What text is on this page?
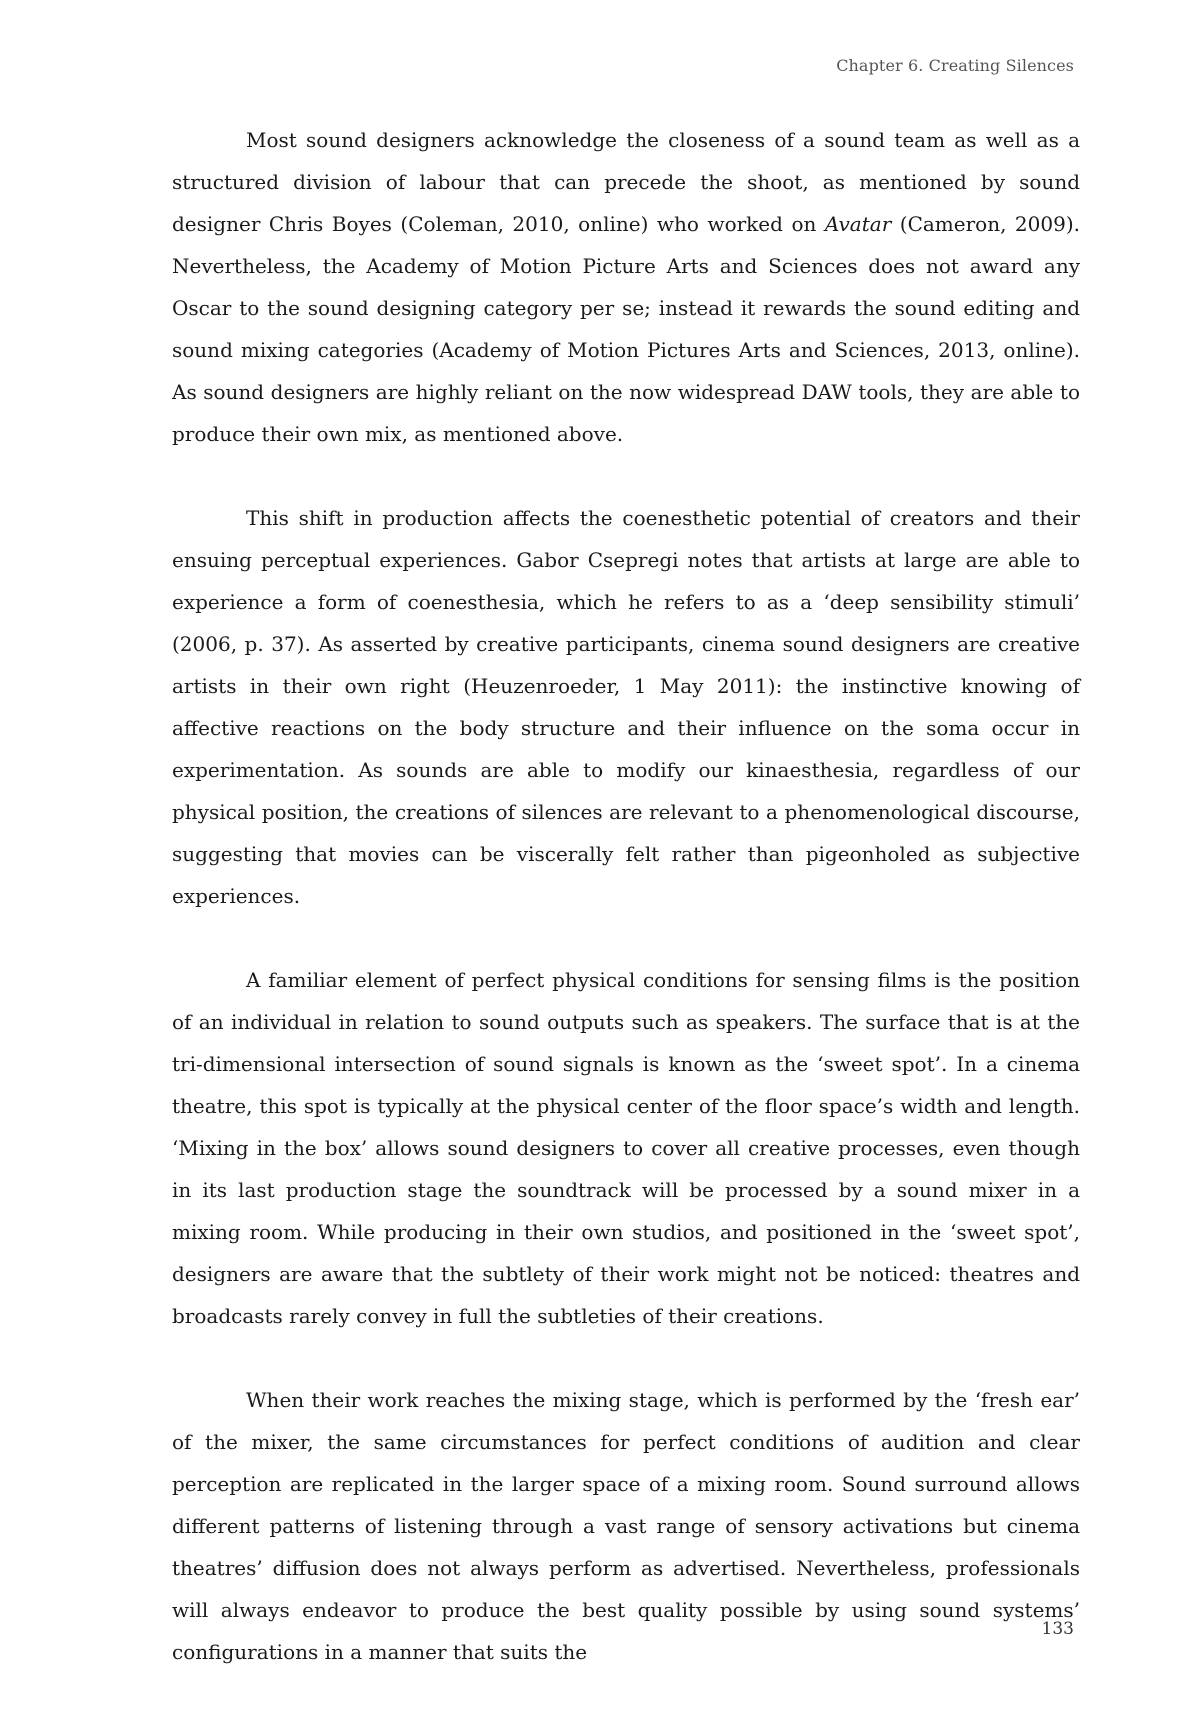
Chapter 6. Creating Silences

Most sound designers acknowledge the closeness of a sound team as well as a structured division of labour that can precede the shoot, as mentioned by sound designer Chris Boyes (Coleman, 2010, online) who worked on Avatar (Cameron, 2009). Nevertheless, the Academy of Motion Picture Arts and Sciences does not award any Oscar to the sound designing category per se; instead it rewards the sound editing and sound mixing categories (Academy of Motion Pictures Arts and Sciences, 2013, online). As sound designers are highly reliant on the now widespread DAW tools, they are able to produce their own mix, as mentioned above.

This shift in production affects the coenesthetic potential of creators and their ensuing perceptual experiences. Gabor Csepregi notes that artists at large are able to experience a form of coenesthesia, which he refers to as a ‘deep sensibility stimuli’ (2006, p. 37). As asserted by creative participants, cinema sound designers are creative artists in their own right (Heuzenroeder, 1 May 2011): the instinctive knowing of affective reactions on the body structure and their influence on the soma occur in experimentation. As sounds are able to modify our kinaesthesia, regardless of our physical position, the creations of silences are relevant to a phenomenological discourse, suggesting that movies can be viscerally felt rather than pigeonholed as subjective experiences.

A familiar element of perfect physical conditions for sensing films is the position of an individual in relation to sound outputs such as speakers. The surface that is at the tri-dimensional intersection of sound signals is known as the ‘sweet spot’. In a cinema theatre, this spot is typically at the physical center of the floor space’s width and length. ‘Mixing in the box’ allows sound designers to cover all creative processes, even though in its last production stage the soundtrack will be processed by a sound mixer in a mixing room. While producing in their own studios, and positioned in the ‘sweet spot’, designers are aware that the subtlety of their work might not be noticed: theatres and broadcasts rarely convey in full the subtleties of their creations.

When their work reaches the mixing stage, which is performed by the ‘fresh ear’ of the mixer, the same circumstances for perfect conditions of audition and clear perception are replicated in the larger space of a mixing room. Sound surround allows different patterns of listening through a vast range of sensory activations but cinema theatres’ diffusion does not always perform as advertised. Nevertheless, professionals will always endeavor to produce the best quality possible by using sound systems’ configurations in a manner that suits the

133
